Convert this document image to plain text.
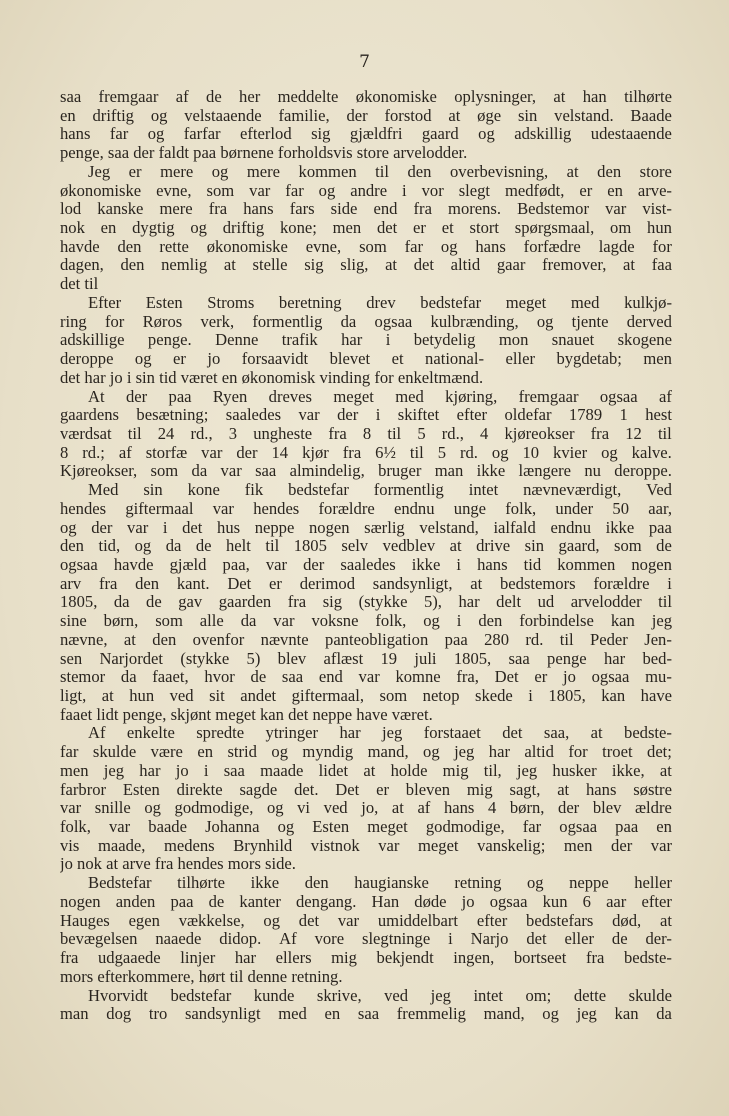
7
saa fremgaar af de her meddelte økonomiske oplysninger, at han tilhørte
en driftig og velstaaende familie, der forstod at øge sin velstand. Baade
hans far og farfar efterlod sig gjældfri gaard og adskillig udestaaende
penge, saa der faldt paa børnene forholdsvis store arvelodder.
Jeg er mere og mere kommen til den overbevisning, at den store
økonomiske evne, som var far og andre i vor slegt medfødt, er en arve-
lod kanske mere fra hans fars side end fra morens. Bedstemor var vist-
nok en dygtig og driftig kone; men det er et stort spørgsmaal, om hun
havde den rette økonomiske evne, som far og hans forfædre lagde for
dagen, den nemlig at stelle sig slig, at det altid gaar fremover, at faa
det til
Efter Esten Stroms beretning drev bedstefar meget med kulkjø-
ring for Røros verk, formentlig da ogsaa kulbrænding, og tjente derved
adskillige penge. Denne trafik har i betydelig mon snauet skogene
deroppe og er jo forsaavidt blevet et national- eller bygdetab; men
det har jo i sin tid været en økonomisk vinding for enkeltmænd.
At der paa Ryen dreves meget med kjøring, fremgaar ogsaa af
gaardens besætning; saaledes var der i skiftet efter oldefar 1789 1 hest
værdsat til 24 rd., 3 ungheste fra 8 til 5 rd., 4 kjøreokser fra 12 til
8 rd.; af storfæ var der 14 kjør fra 6½ til 5 rd. og 10 kvier og kalve.
Kjøreokser, som da var saa almindelig, bruger man ikke længere nu deroppe.
Med sin kone fik bedstefar formentlig intet nævneværdigt, Ved
hendes giftermaal var hendes forældre endnu unge folk, under 50 aar,
og der var i det hus neppe nogen særlig velstand, ialfald endnu ikke paa
den tid, og da de helt til 1805 selv vedblev at drive sin gaard, som de
ogsaa havde gjæld paa, var der saaledes ikke i hans tid kommen nogen
arv fra den kant. Det er derimod sandsynligt, at bedstemors forældre i
1805, da de gav gaarden fra sig (stykke 5), har delt ud arvelodder til
sine børn, som alle da var voksne folk, og i den forbindelse kan jeg
nævne, at den ovenfor nævnte panteobligation paa 280 rd. til Peder Jen-
sen Narjordet (stykke 5) blev aflæst 19 juli 1805, saa penge har bed-
stemor da faaet, hvor de saa end var komne fra, Det er jo ogsaa mu-
ligt, at hun ved sit andet giftermaal, som netop skede i 1805, kan have
faaet lidt penge, skjønt meget kan det neppe have været.
Af enkelte spredte ytringer har jeg forstaaet det saa, at bedste-
far skulde være en strid og myndig mand, og jeg har altid for troet det;
men jeg har jo i saa maade lidet at holde mig til, jeg husker ikke, at
farbror Esten direkte sagde det. Det er bleven mig sagt, at hans søstre
var snille og godmodige, og vi ved jo, at af hans 4 børn, der blev ældre
folk, var baade Johanna og Esten meget godmodige, far ogsaa paa en
vis maade, medens Brynhild vistnok var meget vanskelig; men der var
jo nok at arve fra hendes mors side.
Bedstefar tilhørte ikke den haugianske retning og neppe heller
nogen anden paa de kanter dengang. Han døde jo ogsaa kun 6 aar efter
Hauges egen vækkelse, og det var umiddelbart efter bedstefars død, at
bevægelsen naaede didop. Af vore slegtninge i Narjo det eller de der-
fra udgaaede linjer har ellers mig bekjendt ingen, bortseet fra bedste-
mors efterkommere, hørt til denne retning.
Hvorvidt bedstefar kunde skrive, ved jeg intet om; dette skulde
man dog tro sandsynligt med en saa fremmelig mand, og jeg kan da
